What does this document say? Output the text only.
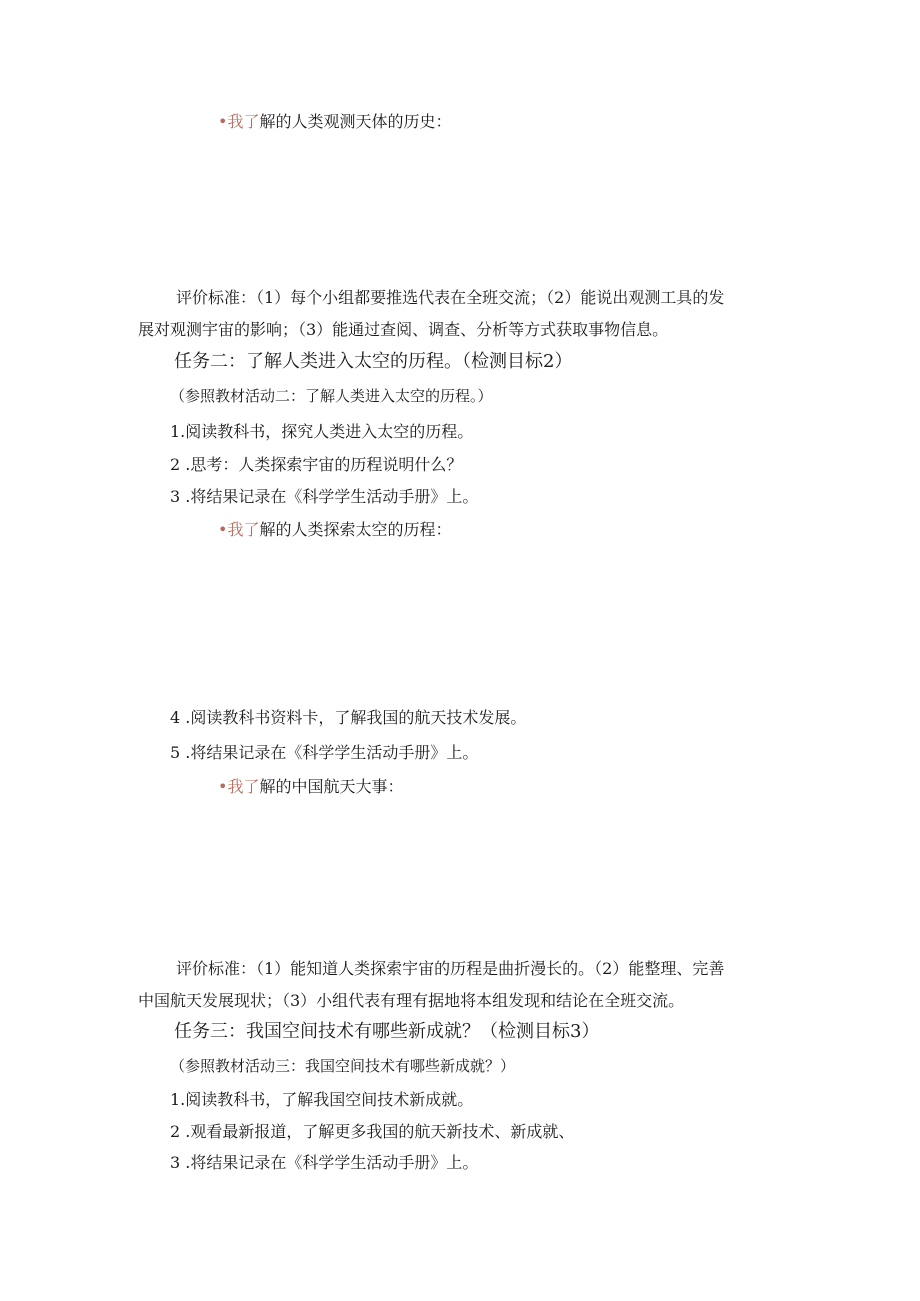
•我了解的人类观测天体的历史：
评价标准：（1）每个小组都要推选代表在全班交流；（2）能说出观测工具的发
展对观测宇宙的影响；（3）能通过查阅、调查、分析等方式获取事物信息。
任务二：了解人类进入太空的历程。（检测目标2）
（参照教材活动二：了解人类进入太空的历程。）
1.阅读教科书，探究人类进入太空的历程。
2 .思考：人类探索宇宙的历程说明什么？
3 .将结果记录在《科学学生活动手册》上。
•我了解的人类探索太空的历程：
4 .阅读教科书资料卡，了解我国的航天技术发展。
5 .将结果记录在《科学学生活动手册》上。
•我了解的中国航天大事：
评价标准：（1）能知道人类探索宇宙的历程是曲折漫长的。（2）能整理、完善
中国航天发展现状；（3）小组代表有理有据地将本组发现和结论在全班交流。
任务三：我国空间技术有哪些新成就？（检测目标3）
（参照教材活动三：我国空间技术有哪些新成就？）
1.阅读教科书，了解我国空间技术新成就。
2 .观看最新报道，了解更多我国的航天新技术、新成就、
3 .将结果记录在《科学学生活动手册》上。
